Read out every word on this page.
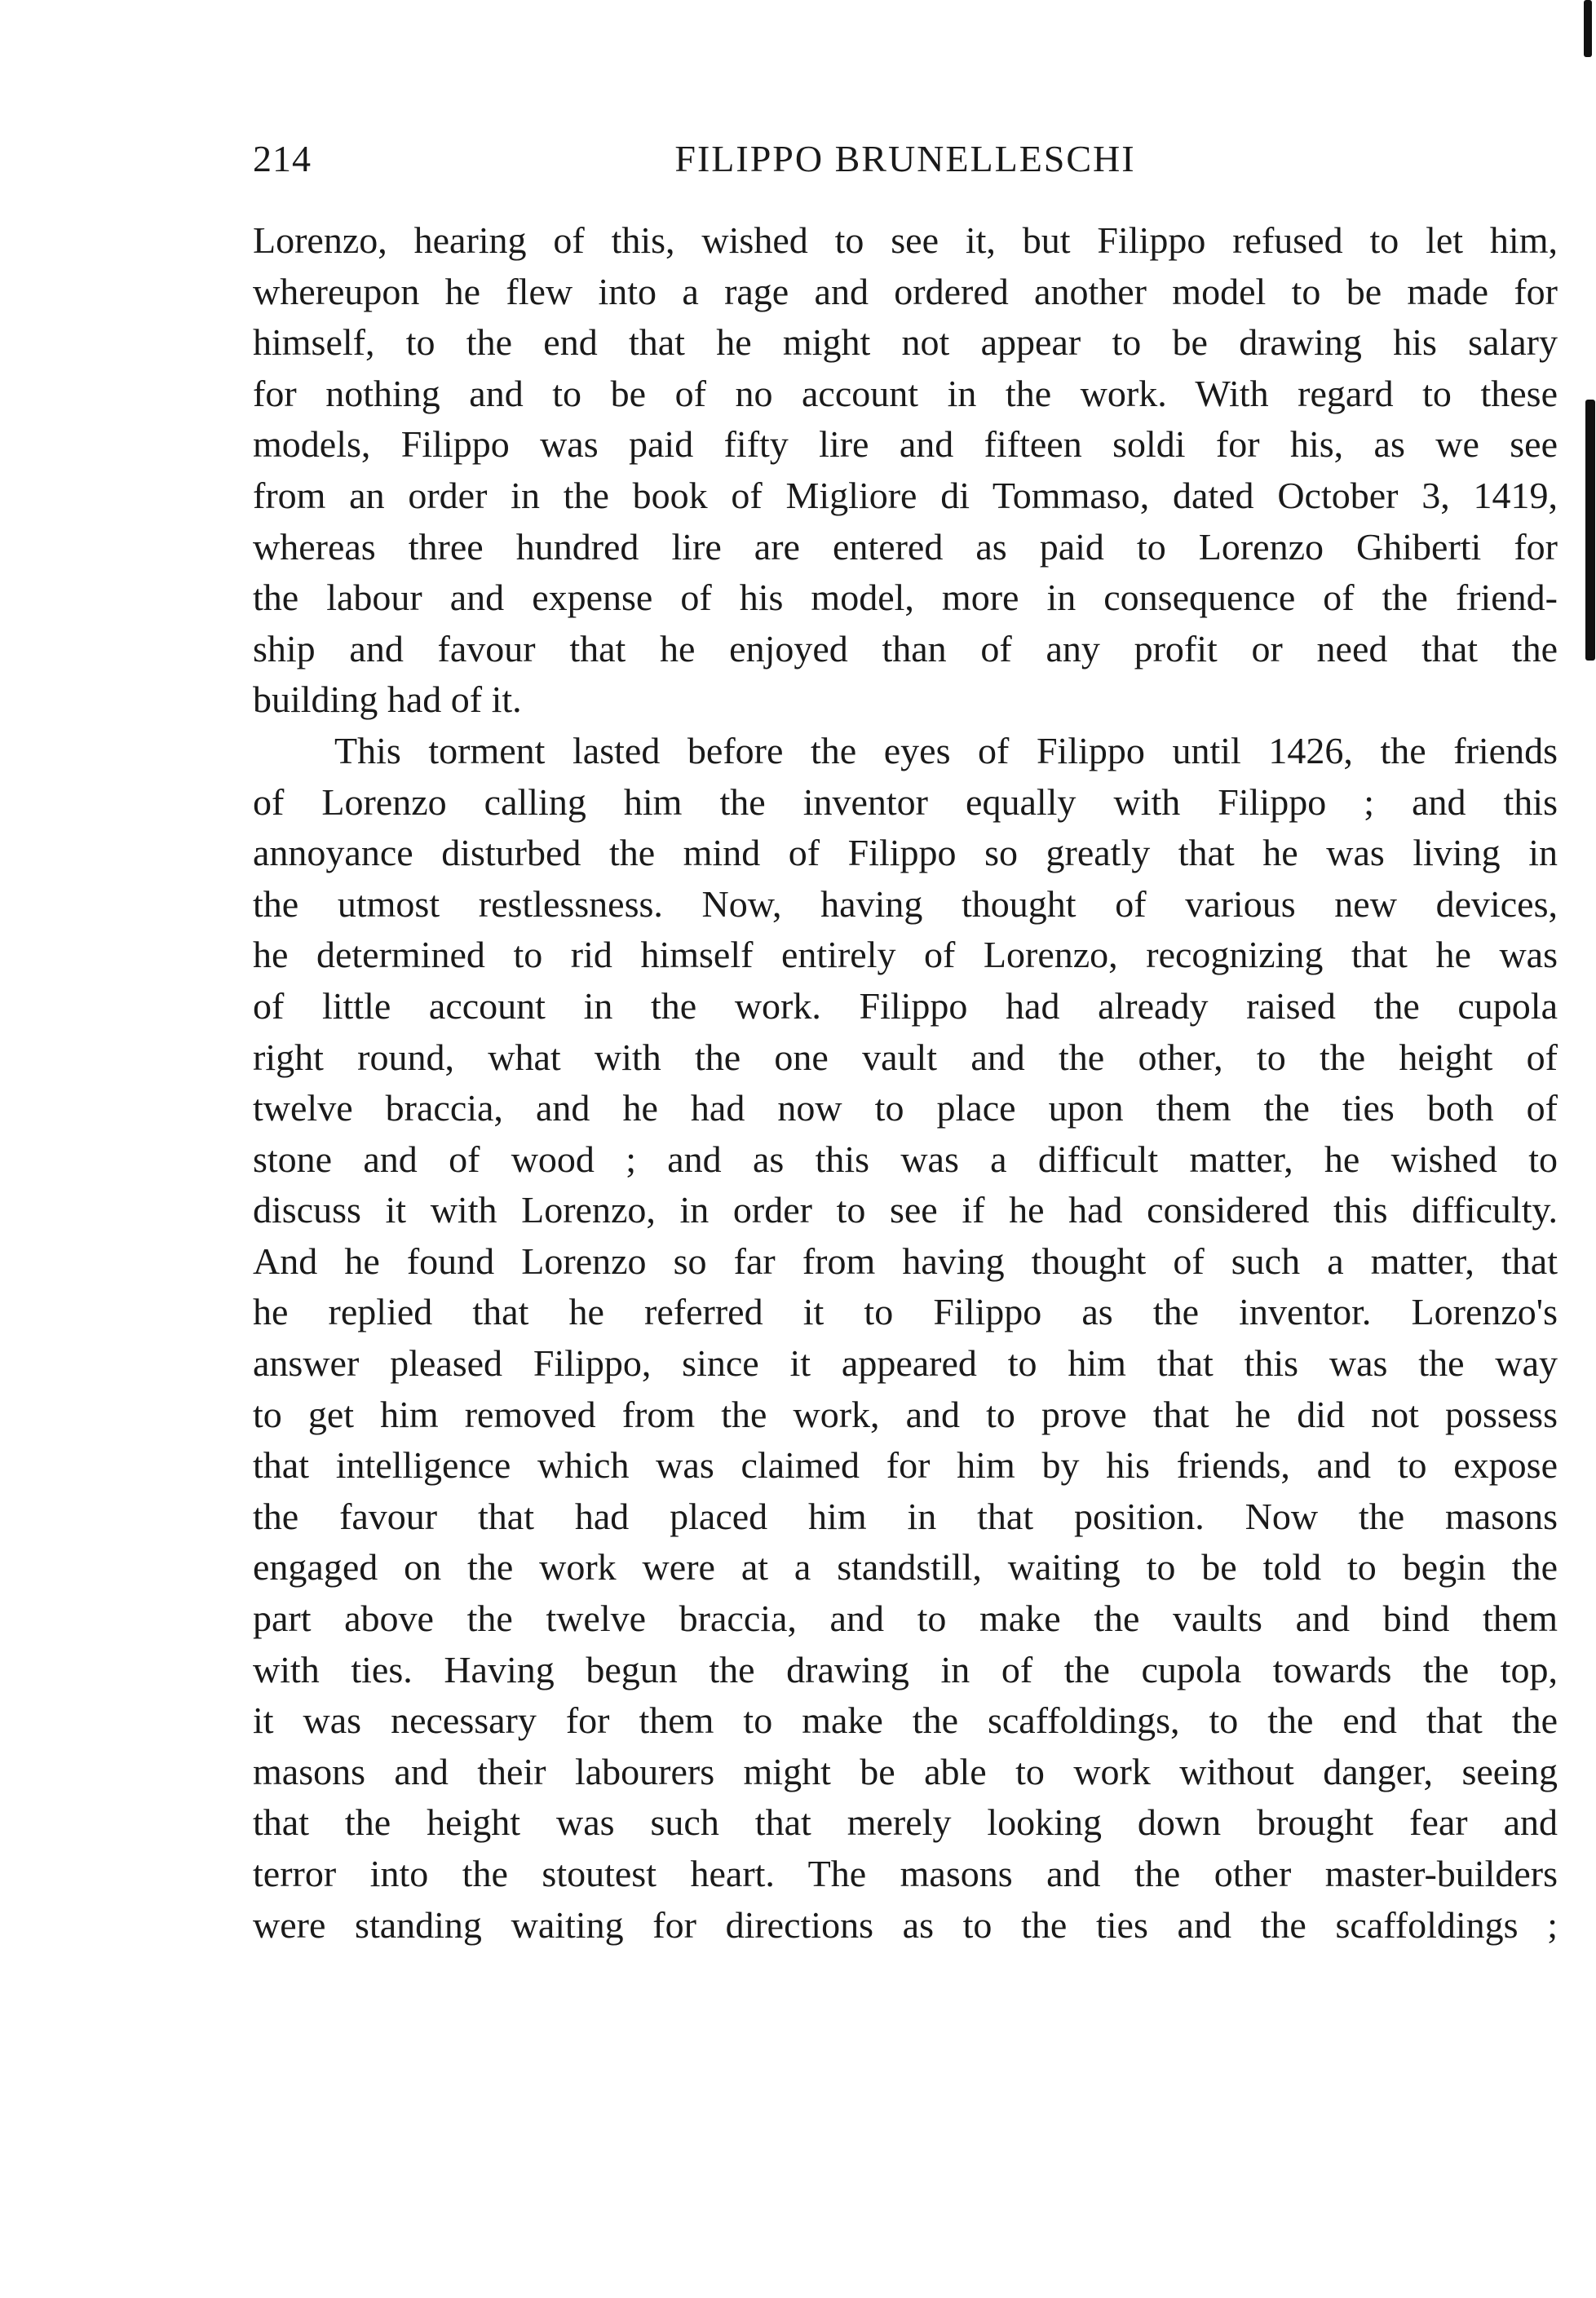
214	FILIPPO BRUNELLESCHI
Lorenzo, hearing of this, wished to see it, but Filippo refused to let him,
whereupon he flew into a rage and ordered another model to be made for
himself, to the end that he might not appear to be drawing his salary
for nothing and to be of no account in the work. With regard to these
models, Filippo was paid fifty lire and fifteen soldi for his, as we see
from an order in the book of Migliore di Tommaso, dated October 3, 1419,
whereas three hundred lire are entered as paid to Lorenzo Ghiberti for
the labour and expense of his model, more in consequence of the friend-
ship and favour that he enjoyed than of any profit or need that the
building had of it.
This torment lasted before the eyes of Filippo until 1426, the friends
of Lorenzo calling him the inventor equally with Filippo ; and this
annoyance disturbed the mind of Filippo so greatly that he was living in
the utmost restlessness. Now, having thought of various new devices,
he determined to rid himself entirely of Lorenzo, recognizing that he was
of little account in the work. Filippo had already raised the cupola
right round, what with the one vault and the other, to the height of
twelve braccia, and he had now to place upon them the ties both of
stone and of wood ; and as this was a difficult matter, he wished to
discuss it with Lorenzo, in order to see if he had considered this difficulty.
And he found Lorenzo so far from having thought of such a matter, that
he replied that he referred it to Filippo as the inventor. Lorenzo's
answer pleased Filippo, since it appeared to him that this was the way
to get him removed from the work, and to prove that he did not possess
that intelligence which was claimed for him by his friends, and to expose
the favour that had placed him in that position. Now the masons
engaged on the work were at a standstill, waiting to be told to begin the
part above the twelve braccia, and to make the vaults and bind them
with ties. Having begun the drawing in of the cupola towards the top,
it was necessary for them to make the scaffoldings, to the end that the
masons and their labourers might be able to work without danger, seeing
that the height was such that merely looking down brought fear and
terror into the stoutest heart. The masons and the other master-builders
were standing waiting for directions as to the ties and the scaffoldings ;
